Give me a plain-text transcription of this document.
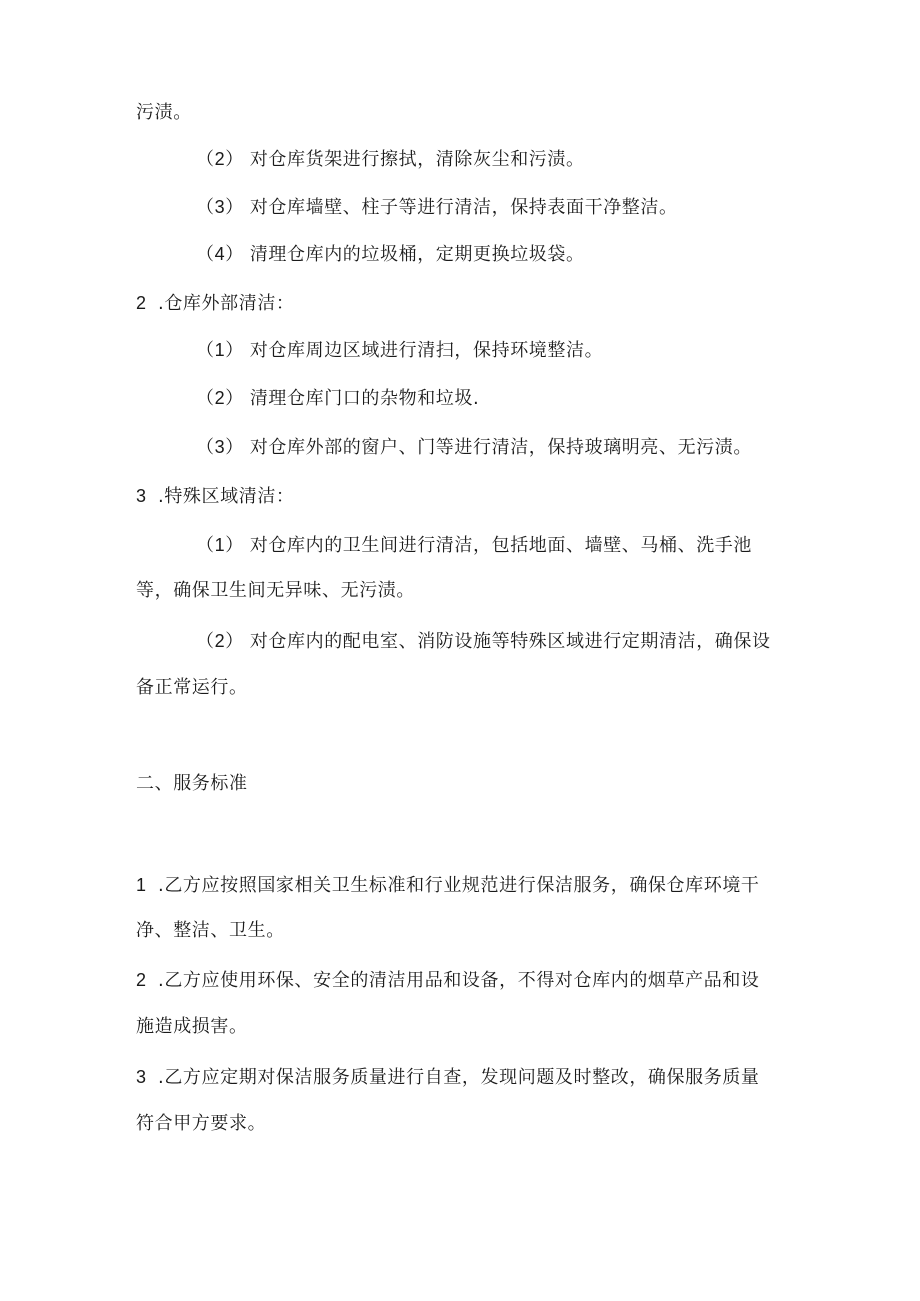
污渍。
（2） 对仓库货架进行擦拭，清除灰尘和污渍。
（3） 对仓库墙壁、柱子等进行清洁，保持表面干净整洁。
（4） 清理仓库内的垃圾桶，定期更换垃圾袋。
2 .仓库外部清洁：
（1） 对仓库周边区域进行清扫，保持环境整洁。
（2） 清理仓库门口的杂物和垃圾.
（3） 对仓库外部的窗户、门等进行清洁，保持玻璃明亮、无污渍。
3 .特殊区域清洁：
（1） 对仓库内的卫生间进行清洁，包括地面、墙壁、马桶、洗手池
等，确保卫生间无异味、无污渍。
（2） 对仓库内的配电室、消防设施等特殊区域进行定期清洁，确保设
备正常运行。
二、服务标准
1 .乙方应按照国家相关卫生标准和行业规范进行保洁服务，确保仓库环境干
净、整洁、卫生。
2 .乙方应使用环保、安全的清洁用品和设备，不得对仓库内的烟草产品和设
施造成损害。
3 .乙方应定期对保洁服务质量进行自查，发现问题及时整改，确保服务质量
符合甲方要求。
